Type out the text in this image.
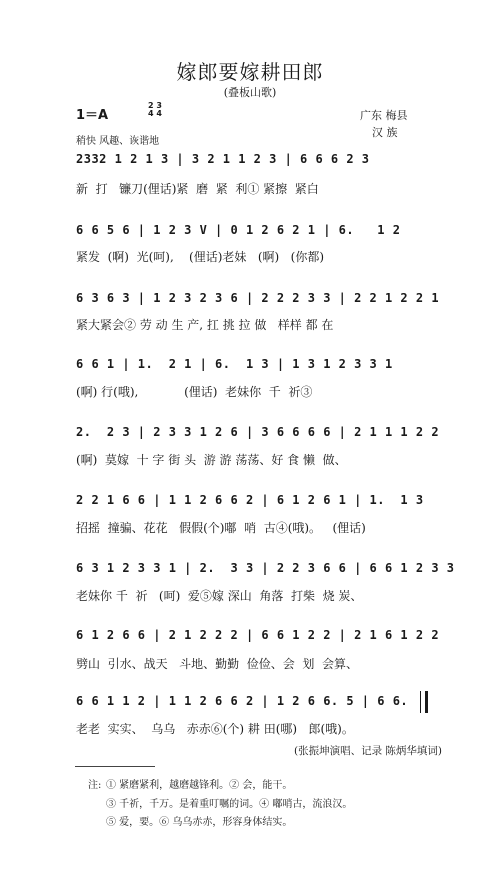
嫁郎要嫁耕田郎
(叠板山歌)
1＝A
2 3
4 4	广东 梅县
汉 族
稍快 风趣、诙谐地
2332 1 2 1 3 | 3 2 1 1 2 3 | 6 6 6 2 3
新  打   镰刀(俚话)紧  磨  紧  利① 紧擦  紧白
6 6 5 6 | 1 2 3 V | 0 1 2 6 2 1 | 6.   1 2
紧发  (啊)  光(呵),    (俚话)老妹   (啊)   (你都)
6 3 6 3 | 1 2 3 2 3 6 | 2 2 2 3 3 | 2 2 1 2 2 1
紧大紧会② 劳 动 生 产, 扛 挑 拉 做   样样 都 在
6 6 1 | 1.  2 1 | 6.  1 3 | 1 3 1 2 3 3 1
(啊) 行(哦),            (俚话)  老妹你  千  祈③
2.  2 3 | 2 3 3 1 2 6 | 3 6 6 6 6 | 2 1 1 1 2 2
(啊)  莫嫁  十 字 街 头  游 游 荡荡、好 食 懒  做、
2 2 1 6 6 | 1 1 2 6 6 2 | 6 1 2 6 1 | 1.  1 3
招摇  撞骗、花花   假假(个)嘟  哨  古④(哦)。   (俚话)
6 3 1 2 3 3 1 | 2.  3 3 | 2 2 3 6 6 | 6 6 1 2 3 3
老妹你 千  祈   (呵)  爱⑤嫁 深山  角落  打柴  烧 炭、
6 1 2 6 6 | 2 1 2 2 2 | 6 6 1 2 2 | 2 1 6 1 2 2
劈山  引水、战天   斗地、勤勤  俭俭、会  划  会算、
6 6 1 1 2 | 1 1 2 6 6 2 | 1 2 6 6. 5 | 6 6.
老老  实实、  乌乌   赤赤⑥(个) 耕 田(哪)   郎(哦)。
(张振坤演唱、记录 陈炳华填词)
注: ① 紧磨紧利，越磨越锋利。② 会，能干。
③ 千祈，千万。是着重叮嘱的词。④ 嘟哨古，流浪汉。
⑤ 爱，要。⑥ 乌乌赤赤，形容身体结实。
